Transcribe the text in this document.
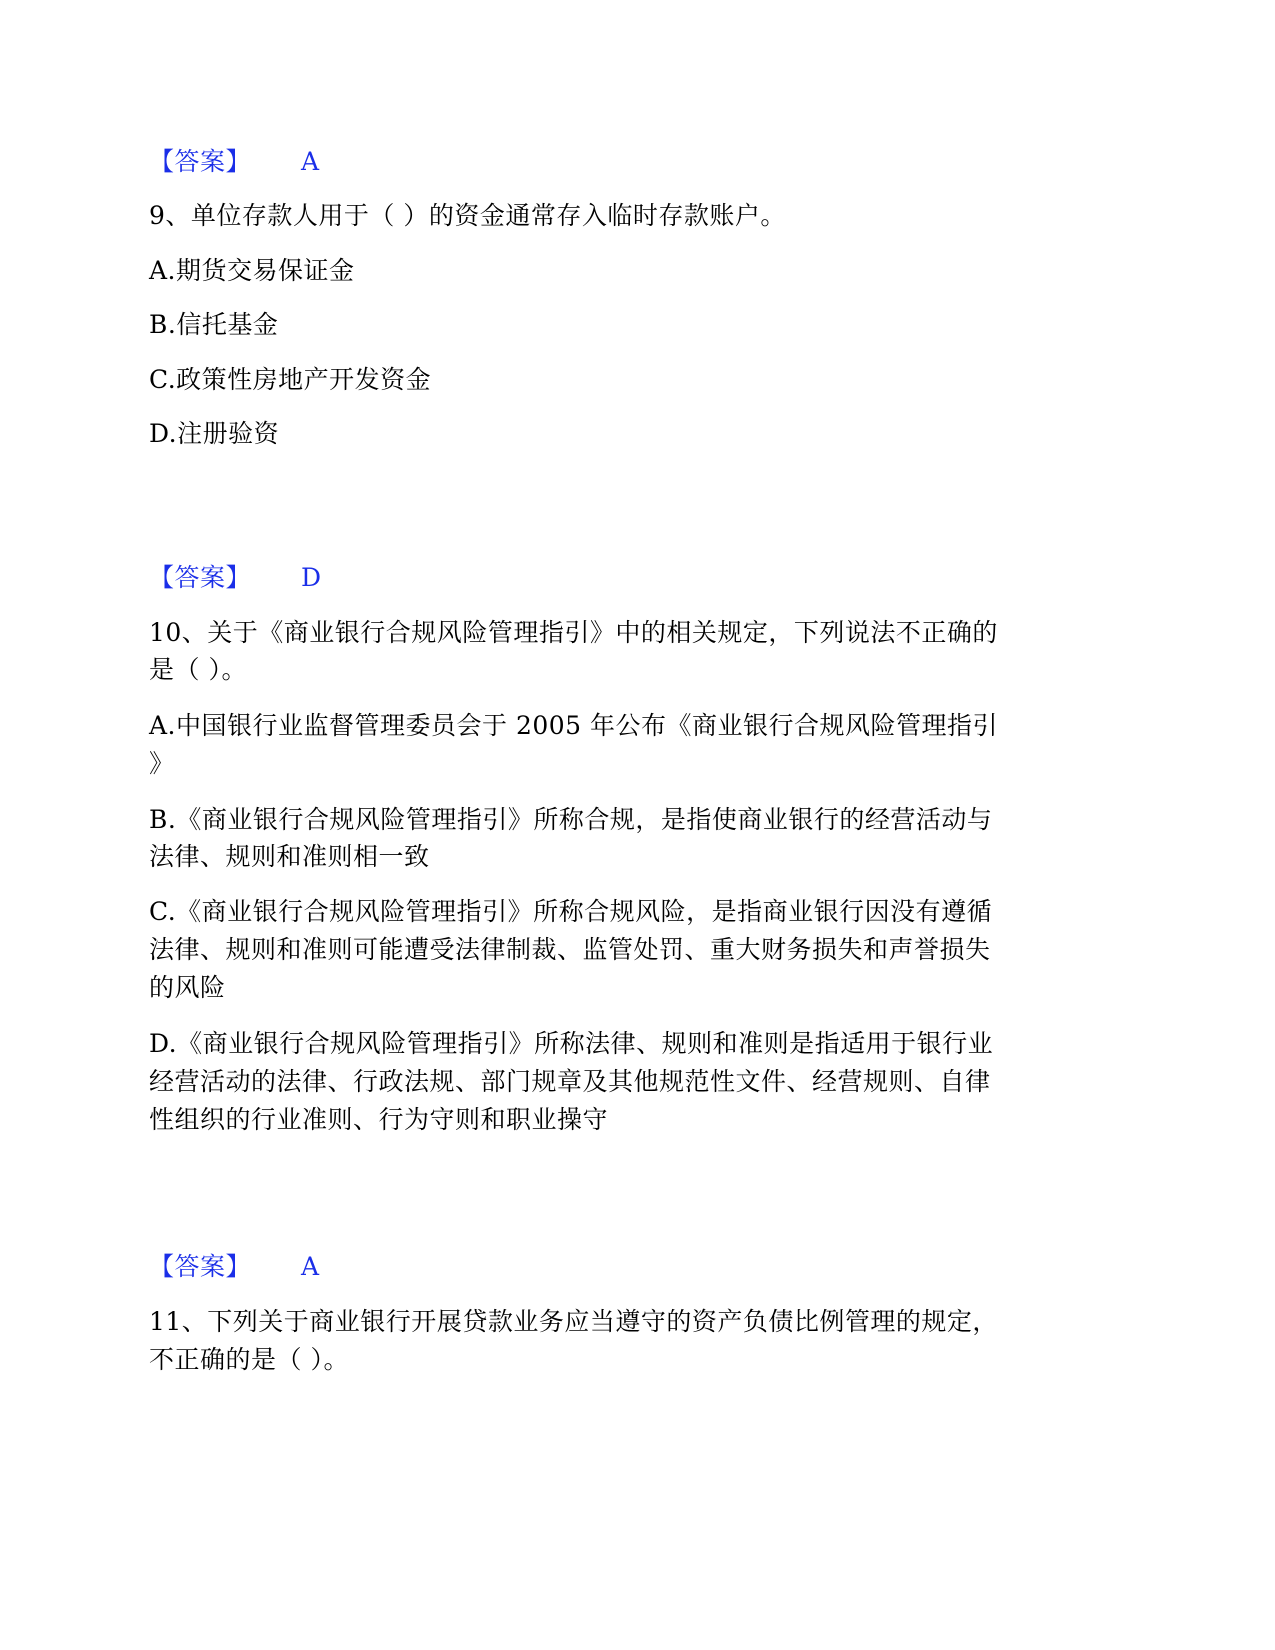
【答案】 A
9、单位存款人用于（ ）的资金通常存入临时存款账户。
A.期货交易保证金
B.信托基金
C.政策性房地产开发资金
D.注册验资
【答案】 D
10、关于《商业银行合规风险管理指引》中的相关规定，下列说法不正确的
是（ ）。
A.中国银行业监督管理委员会于 2005 年公布《商业银行合规风险管理指引
》
B.《商业银行合规风险管理指引》所称合规，是指使商业银行的经营活动与
法律、规则和准则相一致
C.《商业银行合规风险管理指引》所称合规风险，是指商业银行因没有遵循
法律、规则和准则可能遭受法律制裁、监管处罚、重大财务损失和声誉损失
的风险
D.《商业银行合规风险管理指引》所称法律、规则和准则是指适用于银行业
经营活动的法律、行政法规、部门规章及其他规范性文件、经营规则、自律
性组织的行业准则、行为守则和职业操守
【答案】 A
11、下列关于商业银行开展贷款业务应当遵守的资产负债比例管理的规定，
不正确的是（ ）。
